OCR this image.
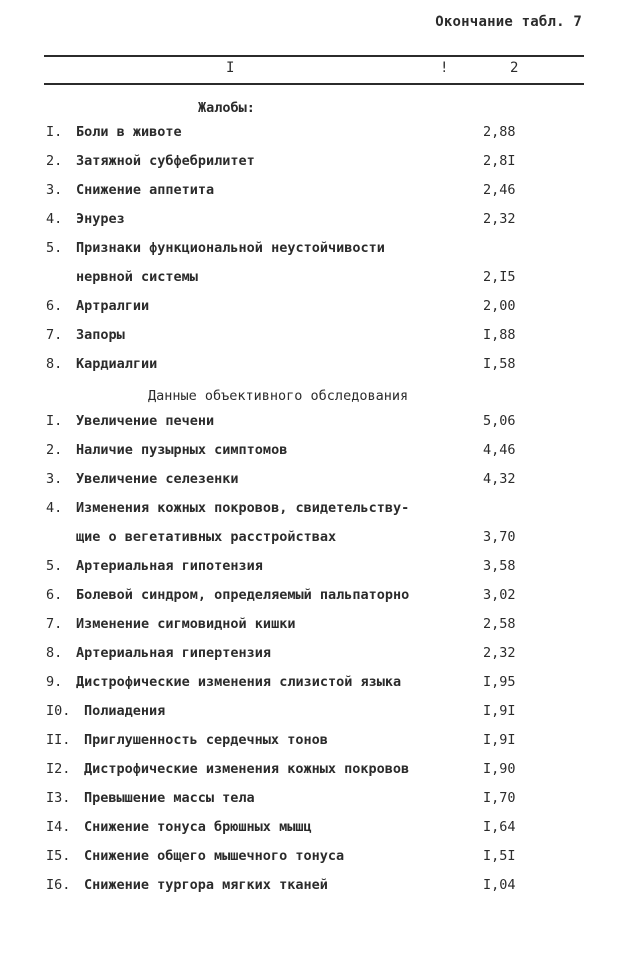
Окончание табл. 7
I	!	2
Жалобы:
I. Боли в животе	2,88
2. Затяжной субфебрилитет	2,8I
3. Снижение аппетита	2,46
4. Энурез	2,32
5. Признаки функциональной неустойчивости
нервной системы	2,I5
6. Артралгии	2,00
7. Запоры	I,88
8. Кардиалгии	I,58
Данные объективного обследования
I. Увеличение печени	5,06
2. Наличие пузырных симптомов	4,46
3. Увеличение селезенки	4,32
4. Изменения кожных покровов, свидетельству-
щие о вегетативных расстройствах	3,70
5. Артериальная гипотензия	3,58
6. Болевой синдром, определяемый пальпаторно	3,02
7. Изменение сигмовидной кишки	2,58
8. Артериальная гипертензия	2,32
9. Дистрофические изменения слизистой языка	I,95
I0. Полиадения	I,9I
II. Приглушенность сердечных тонов	I,9I
I2. Дистрофические изменения кожных покровов	I,90
I3. Превышение массы тела	I,70
I4. Снижение тонуса брюшных мышц	I,64
I5. Снижение общего мышечного тонуса	I,5I
I6. Снижение тургора мягких тканей	I,04
